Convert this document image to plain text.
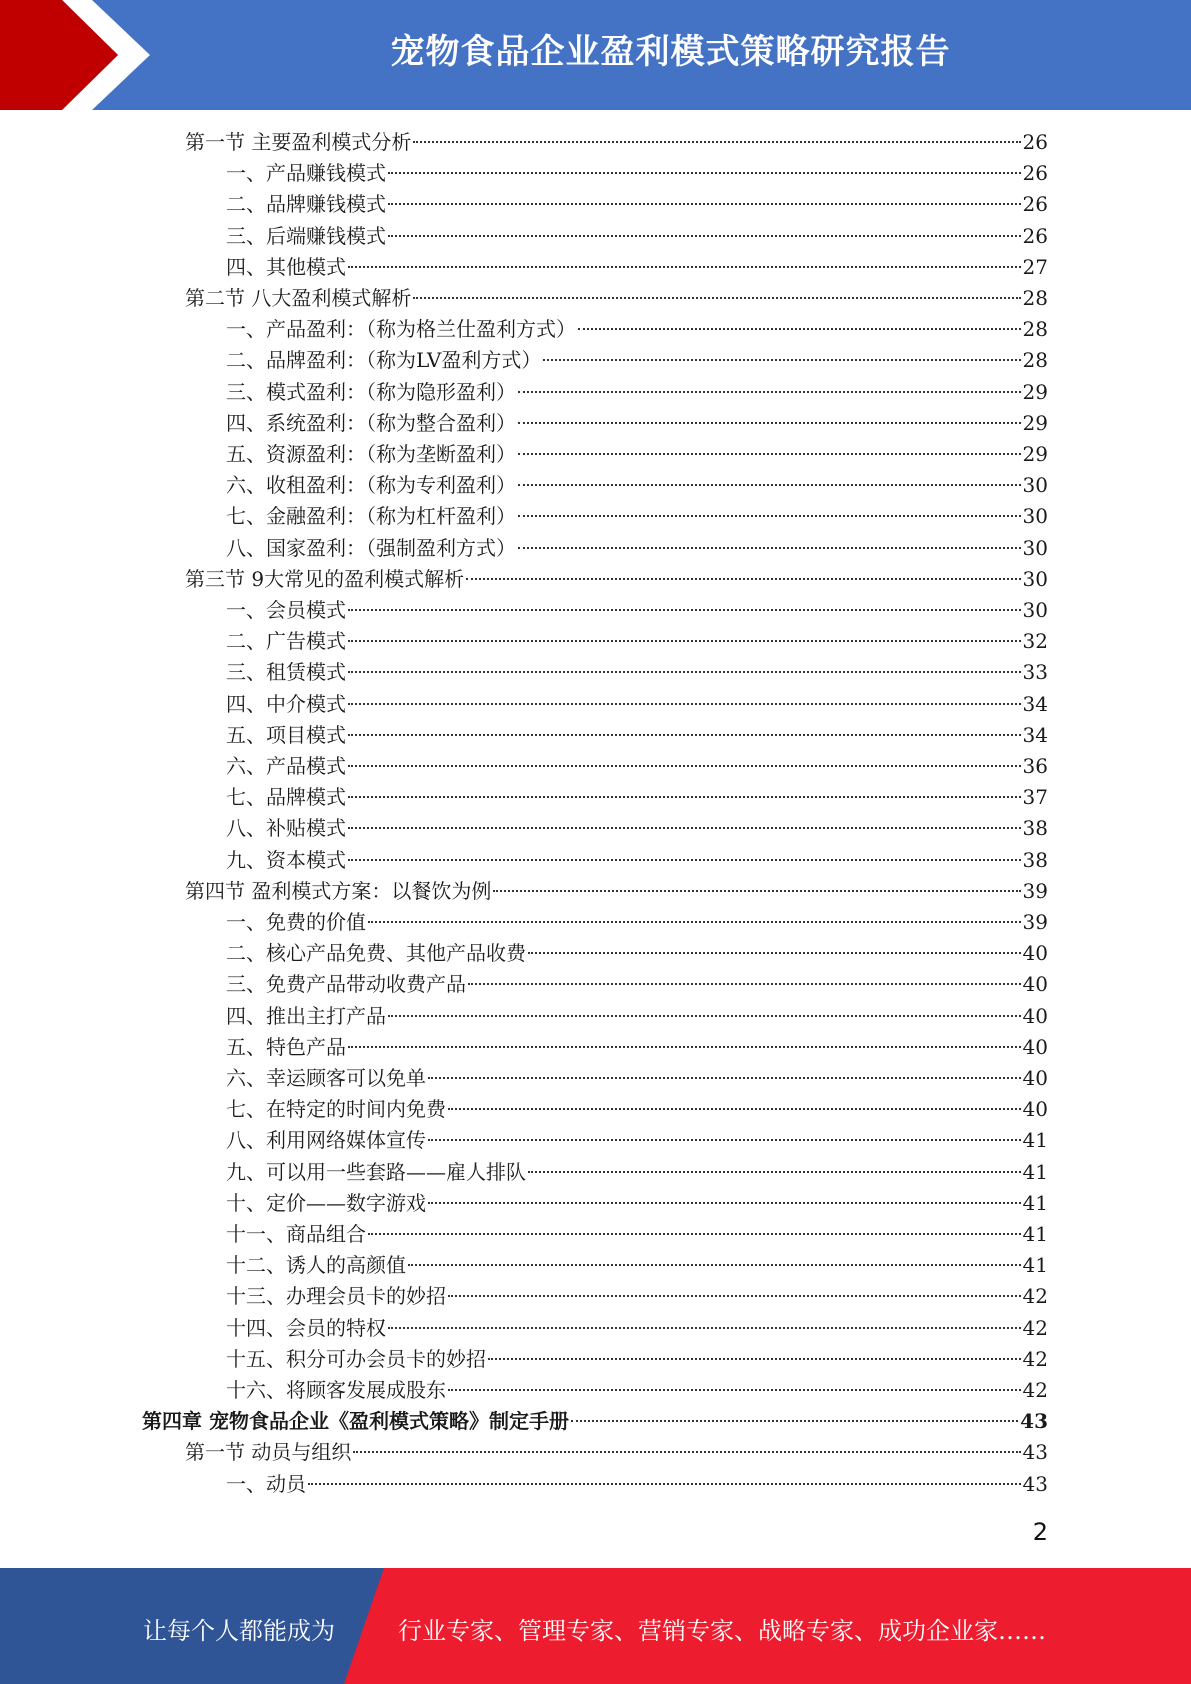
宠物食品企业盈利模式策略研究报告
第一节 主要盈利模式分析	26
一、产品赚钱模式	26
二、品牌赚钱模式	26
三、后端赚钱模式	26
四、其他模式	27
第二节 八大盈利模式解析	28
一、产品盈利：（称为格兰仕盈利方式）	28
二、品牌盈利：（称为LV盈利方式）	28
三、模式盈利：（称为隐形盈利）	29
四、系统盈利：（称为整合盈利）	29
五、资源盈利：（称为垄断盈利）	29
六、收租盈利：（称为专利盈利）	30
七、金融盈利：（称为杠杆盈利）	30
八、国家盈利：（强制盈利方式）	30
第三节 9大常见的盈利模式解析	30
一、会员模式	30
二、广告模式	32
三、租赁模式	33
四、中介模式	34
五、项目模式	34
六、产品模式	36
七、品牌模式	37
八、补贴模式	38
九、资本模式	38
第四节 盈利模式方案：以餐饮为例	39
一、免费的价值	39
二、核心产品免费、其他产品收费	40
三、免费产品带动收费产品	40
四、推出主打产品	40
五、特色产品	40
六、幸运顾客可以免单	40
七、在特定的时间内免费	40
八、利用网络媒体宣传	41
九、可以用一些套路——雇人排队	41
十、定价——数字游戏	41
十一、商品组合	41
十二、诱人的高颜值	41
十三、办理会员卡的妙招	42
十四、会员的特权	42
十五、积分可办会员卡的妙招	42
十六、将顾客发展成股东	42
第四章 宠物食品企业《盈利模式策略》制定手册	43
第一节 动员与组织	43
一、动员	43
2
让每个人都能成为	行业专家、管理专家、营销专家、战略专家、成功企业家……
